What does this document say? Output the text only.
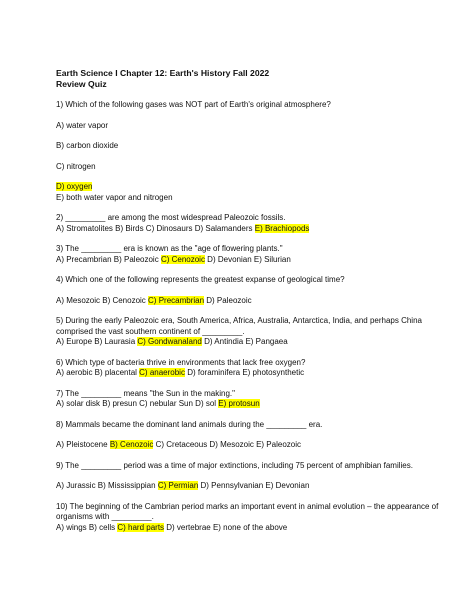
Earth Science I Chapter 12: Earth's History Fall 2022

Review Quiz

1) Which of the following gases was NOT part of Earth's original atmosphere?

A) water vapor

B) carbon dioxide

C) nitrogen

D) oxygen

E) both water vapor and nitrogen

2) _________ are among the most widespread Paleozoic fossils.

A) Stromatolites B) Birds C) Dinosaurs D) Salamanders E) Brachiopods

3) The _________ era is known as the "age of flowering plants."

A) Precambrian B) Paleozoic C) Cenozoic D) Devonian E) Silurian

4) Which one of the following represents the greatest expanse of geological time?

A) Mesozoic B) Cenozoic C) Precambrian D) Paleozoic

5) During the early Paleozoic era, South America, Africa, Australia, Antarctica, India, and perhaps China comprised the vast southern continent of _________.

A) Europe B) Laurasia C) Gondwanaland D) Antindia E) Pangaea

6) Which type of bacteria thrive in environments that lack free oxygen?

A) aerobic B) placental C) anaerobic D) foraminifera E) photosynthetic

7) The _________ means "the Sun in the making."

A) solar disk B) presun C) nebular Sun D) sol E) protosun

8) Mammals became the dominant land animals during the _________ era.

A) Pleistocene B) Cenozoic C) Cretaceous D) Mesozoic E) Paleozoic

9) The _________ period was a time of major extinctions, including 75 percent of amphibian families.

A) Jurassic B) Mississippian C) Permian D) Pennsylvanian E) Devonian

10) The beginning of the Cambrian period marks an important event in animal evolution – the appearance of organisms with _________.

A) wings B) cells C) hard parts D) vertebrae E) none of the above
